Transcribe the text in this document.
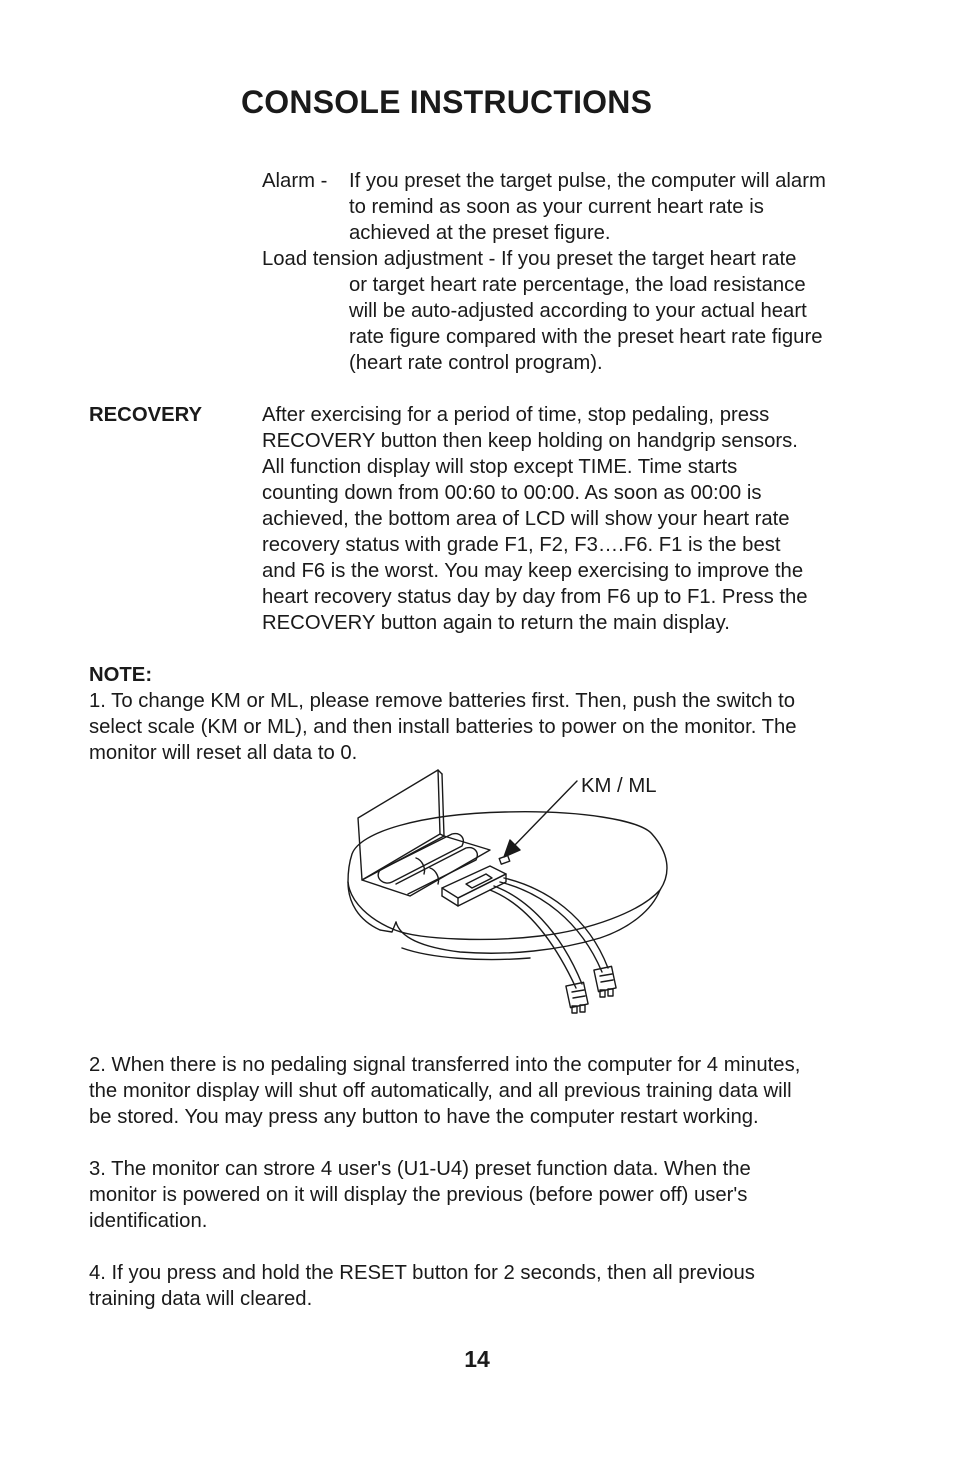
CONSOLE INSTRUCTIONS
Alarm - If you preset the target pulse, the computer will alarm
to remind as soon as your current heart rate is
achieved at the preset figure.
Load tension adjustment - If you preset the target heart rate
or target heart rate percentage, the load resistance
will be auto-adjusted according to your actual heart
rate figure compared with the preset heart rate figure
(heart rate control program).
RECOVERY	After exercising for a period of time, stop pedaling, press
RECOVERY button then keep holding on handgrip sensors.
All function display will stop except TIME. Time starts
counting down from 00:60 to 00:00. As soon as 00:00 is
achieved, the bottom area of LCD will show your heart rate
recovery status with grade F1, F2, F3….F6. F1 is the best
and F6 is the worst. You may keep exercising to improve the
heart recovery status day by day from F6 up to F1. Press the
RECOVERY button again to return the main display.
NOTE:
1. To change KM or ML, please remove batteries first. Then, push the switch to
select scale (KM or ML), and then install batteries to power on the monitor. The
monitor will reset all data to 0.
KM / ML
2. When there is no pedaling signal transferred into the computer for 4 minutes,
the monitor display will shut off automatically, and all previous training data will
be stored. You may press any button to have the computer restart working.
3. The monitor can strore 4 user's (U1-U4) preset function data. When the
monitor is powered on it will display the previous (before power off) user's
identification.
4. If you press and hold the RESET button for 2 seconds, then all previous
training data will cleared.
14
